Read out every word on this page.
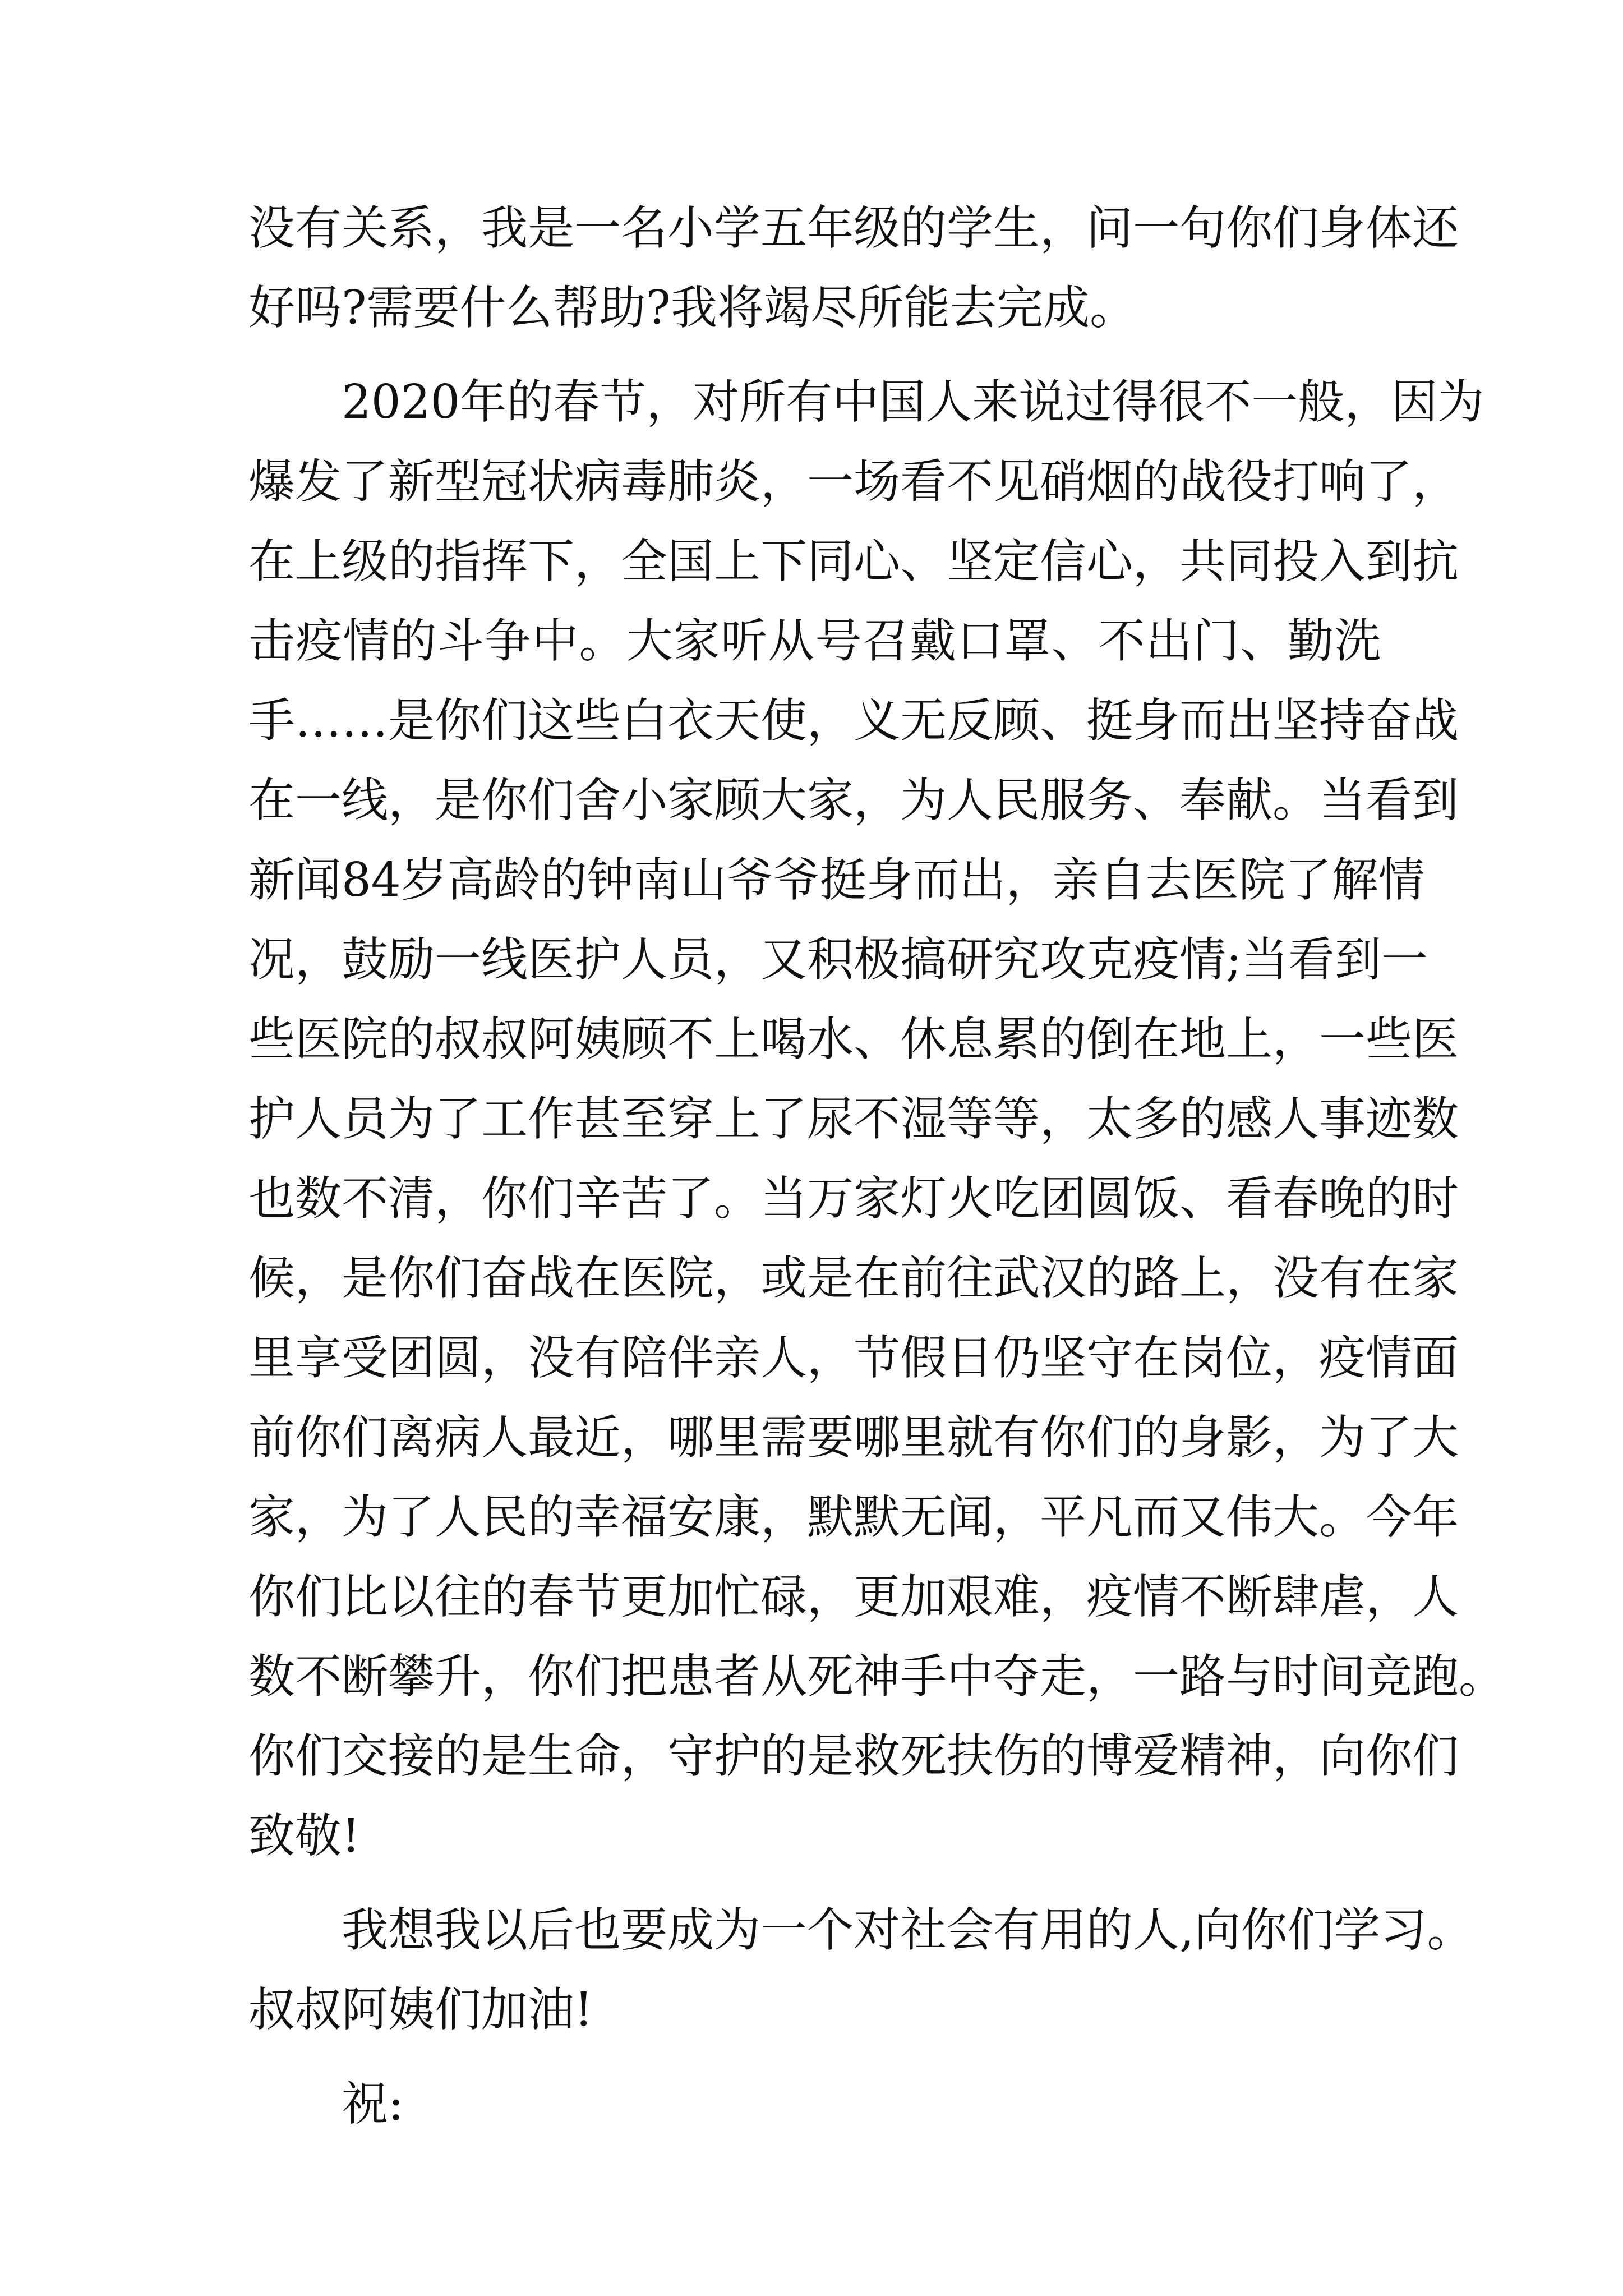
没 有 关 系 ， 我 是 一 名 小 学 五 年 级 的 学 生 ， 问 一 句 你 们 身 体 还
好吗?需要什么帮助?我将竭尽所能去完成。
2020 年 的 春 节 ， 对 所 有 中 国 人 来 说 过 得 很 不 一 般 ， 因 为
爆 发 了 新 型 冠 状 病 毒 肺 炎 ， 一 场 看 不 见 硝 烟 的 战 役 打 响 了 ，
在 上 级 的 指 挥 下 ， 全 国 上 下 同 心 、 坚 定 信 心 ， 共 同 投 入 到 抗
击 疫 情 的 斗 争 中 。 大 家 听 从 号 召 戴 口 罩 、 不 出 门 、 勤 洗
手 … … 是 你 们 这 些 白 衣 天 使 ， 义 无 反 顾 、 挺 身 而 出 坚 持 奋 战
在 一 线 ， 是 你 们 舍 小 家 顾 大 家 ， 为 人 民 服 务 、 奉 献 。 当 看 到
新 闻 84 岁 高 龄 的 钟 南 山 爷 爷 挺 身 而 出 ， 亲 自 去 医 院 了 解 情
况 ， 鼓 励 一 线 医 护 人 员 ， 又 积 极 搞 研 究 攻 克 疫 情 ; 当 看 到 一
些 医 院 的 叔 叔 阿 姨 顾 不 上 喝 水 、 休 息 累 的 倒 在 地 上 ， 一 些 医
护 人 员 为 了 工 作 甚 至 穿 上 了 尿 不 湿 等 等 ， 太 多 的 感 人 事 迹 数
也 数 不 清 ， 你 们 辛 苦 了 。 当 万 家 灯 火 吃 团 圆 饭 、 看 春 晚 的 时
候 ， 是 你 们 奋 战 在 医 院 ， 或 是 在 前 往 武 汉 的 路 上 ， 没 有 在 家
里 享 受 团 圆 ， 没 有 陪 伴 亲 人 ， 节 假 日 仍 坚 守 在 岗 位 ， 疫 情 面
前 你 们 离 病 人 最 近 ， 哪 里 需 要 哪 里 就 有 你 们 的 身 影 ， 为 了 大
家 ， 为 了 人 民 的 幸 福 安 康 ， 默 默 无 闻 ， 平 凡 而 又 伟 大 。 今 年
你 们 比 以 往 的 春 节 更 加 忙 碌 ， 更 加 艰 难 ， 疫 情 不 断 肆 虐 ， 人
数 不 断 攀 升 ， 你 们 把 患 者 从 死 神 手 中 夺 走 ， 一 路 与 时 间 竞 跑 。
你 们 交 接 的 是 生 命 ， 守 护 的 是 救 死 扶 伤 的 博 爱 精 神 ， 向 你 们
致敬!
我 想 我 以 后 也 要 成 为 一 个 对 社 会 有 用 的 人 , 向 你 们 学 习 。
叔叔阿姨们加油!
祝:
